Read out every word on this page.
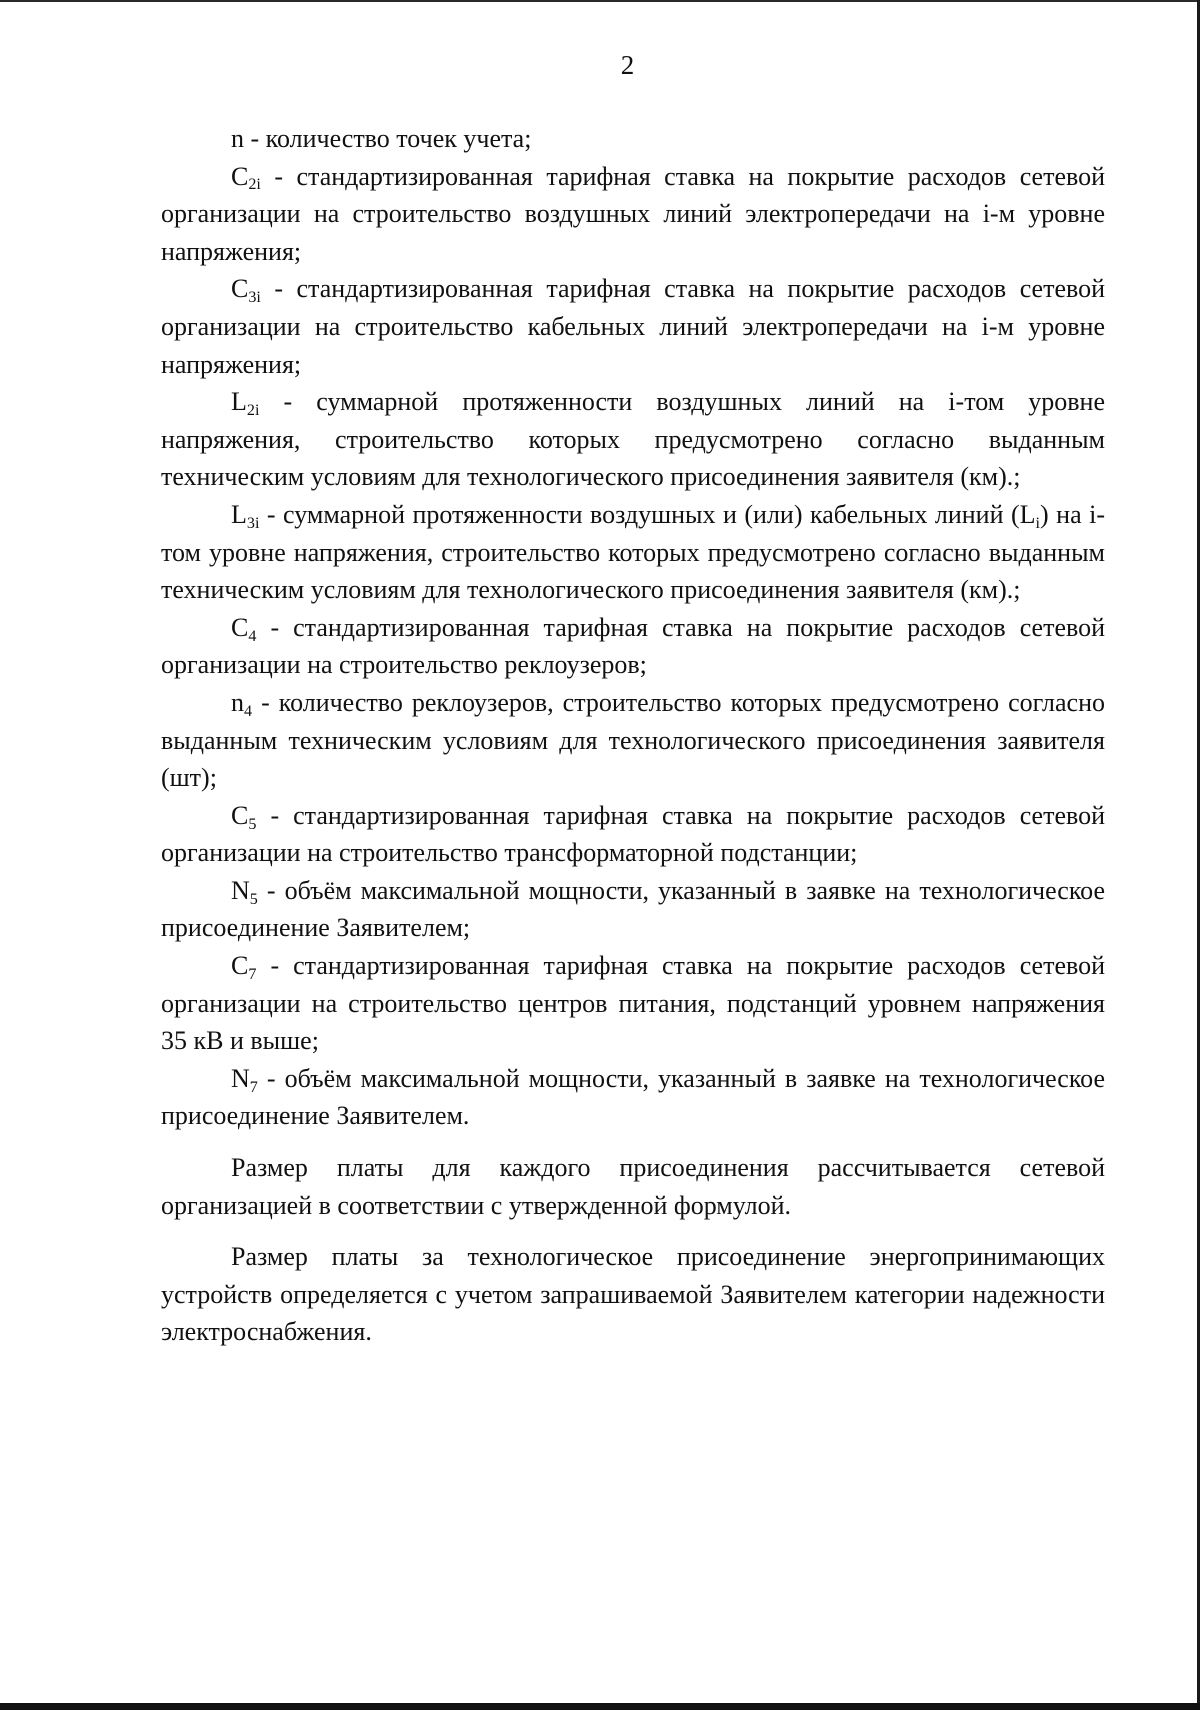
2

n - количество точек учета;

$C_{2i}$ - стандартизированная тарифная ставка на покрытие расходов сетевой организации на строительство воздушных линий электропередачи на i-м уровне напряжения;

$C_{3i}$ - стандартизированная тарифная ставка на покрытие расходов сетевой организации на строительство кабельных линий электропередачи на i-м уровне напряжения;

$L_{2i}$ - суммарной протяженности воздушных линий на i-том уровне напряжения, строительство которых предусмотрено согласно выданным техническим условиям для технологического присоединения заявителя (км).;

$L_{3i}$ - суммарной протяженности воздушных и (или) кабельных линий $(L_i)$ на i-том уровне напряжения, строительство которых предусмотрено согласно выданным техническим условиям для технологического присоединения заявителя (км).;

$C_4$ - стандартизированная тарифная ставка на покрытие расходов сетевой организации на строительство реклоузеров;

$n_4$ - количество реклоузеров, строительство которых предусмотрено согласно выданным техническим условиям для технологического присоединения заявителя (шт);

$C_5$ - стандартизированная тарифная ставка на покрытие расходов сетевой организации на строительство трансформаторной подстанции;

$N_5$ - объём максимальной мощности, указанный в заявке на технологическое присоединение Заявителем;

$C_7$ - стандартизированная тарифная ставка на покрытие расходов сетевой организации на строительство центров питания, подстанций уровнем напряжения 35 кВ и выше;

$N_7$ - объём максимальной мощности, указанный в заявке на технологическое присоединение Заявителем.

Размер платы для каждого присоединения рассчитывается сетевой организацией в соответствии с утвержденной формулой.

Размер платы за технологическое присоединение энергопринимающих устройств определяется с учетом запрашиваемой Заявителем категории надежности электроснабжения.
